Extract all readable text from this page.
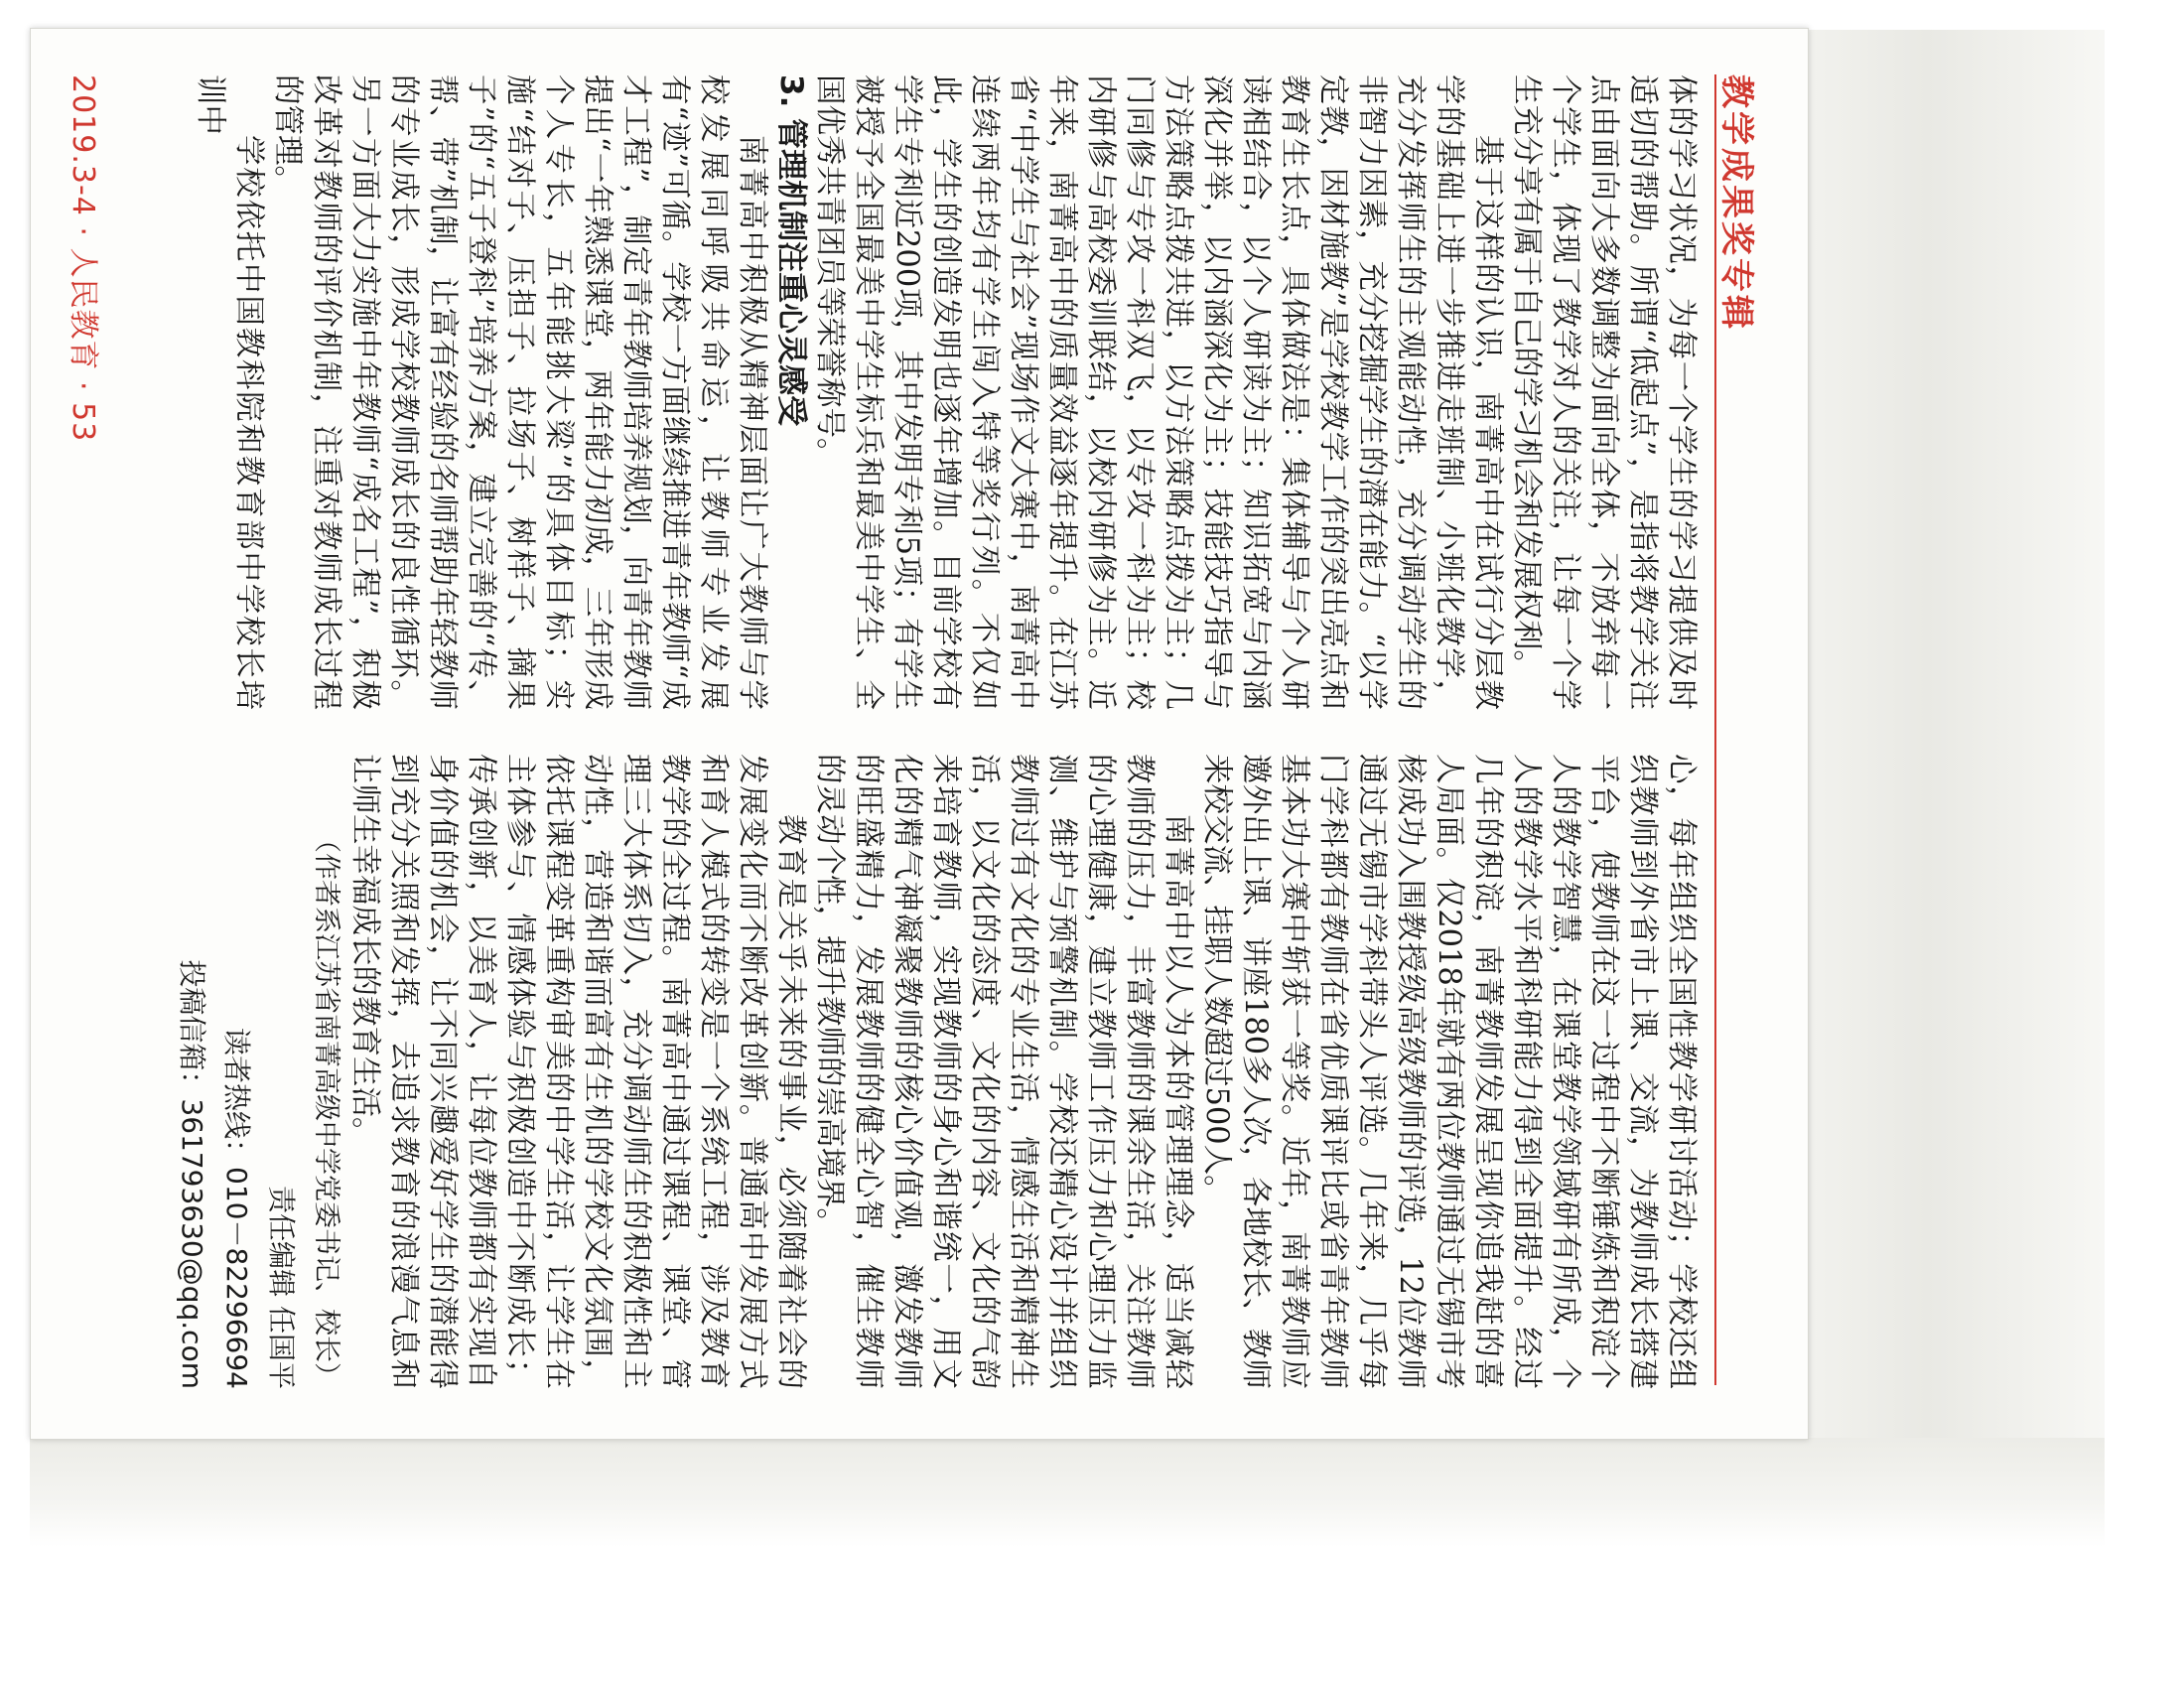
教学成果奖专辑

体的学习状况，为每一个学生的学习提供及时适切的帮助。所谓“低起点”，是指将教学关注点由面向大多数调整为面向全体，不放弃每一个学生，体现了教学对人的关注，让每一个学生充分享有属于自己的学习机会和发展权利。

基于这样的认识，南菁高中在试行分层教学的基础上进一步推进走班制、小班化教学，充分发挥师生的主观能动性，充分调动学生的非智力因素，充分挖掘学生的潜在能力。“以学定教，因材施教”是学校教学工作的突出亮点和教育生长点，具体做法是：集体辅导与个人研读相结合，以个人研读为主；知识拓宽与内涵深化并举，以内涵深化为主；技能技巧指导与方法策略点拨共进，以方法策略点拨为主；几门同修与专攻一科双飞，以专攻一科为主；校内研修与高校委训联结，以校内研修为主。近年来，南菁高中的质量效益逐年提升。在江苏省“中学生与社会”现场作文大赛中，南菁高中连续两年均有学生闯入特等奖行列。不仅如此，学生的创造发明也逐年增加。目前学校有学生专利近200项，其中发明专利5项；有学生被授予全国最美中学生标兵和最美中学生、全国优秀共青团员等荣誉称号。

3. 管理机制注重心灵感受

南菁高中积极从精神层面让广大教师与学校发展同呼吸共命运，让教师专业发展有“迹”可循。学校一方面继续推进青年教师“成才工程”，制定青年教师培养规划，向青年教师提出“一年熟悉课堂，两年能力初成，三年形成个人专长，五年能挑大梁”的具体目标；实施“结对子、压担子、拉场子、树样子、摘果子”的“五子登科”培养方案，建立完善的“传、帮、带”机制，让富有经验的名师帮助年轻教师的专业成长，形成学校教师成长的良性循环。另一方面大力实施中年教师“成名工程”，积极改革对教师的评价机制，注重对教师成长过程的管理。

学校依托中国教科院和教育部中学校长培训中

心，每年组织全国性教学研讨活动；学校还组织教师到外省市上课、交流，为教师成长搭建平台，使教师在这一过程中不断锤炼和积淀个人的教学智慧，在课堂教学领域研有所成，个人的教学水平和科研能力得到全面提升。经过几年的积淀，南菁教师发展呈现你追我赶的喜人局面。仅2018年就有两位教师通过无锡市考核成功入围教授级高级教师的评选，12位教师通过无锡市学科带头人评选。几年来，几乎每门学科都有教师在省优质课评比或省青年教师基本功大赛中斩获一等奖。近年，南菁教师应邀外出上课、讲座180多人次，各地校长、教师来校交流、挂职人数超过500人。

南菁高中以人为本的管理理念，适当减轻教师的压力，丰富教师的课余生活，关注教师的心理健康，建立教师工作压力和心理压力监测、维护与预警机制。学校还精心设计并组织教师过有文化的专业生活，情感生活和精神生活，以文化的态度、文化的内容、文化的气韵来培育教师，实现教师的身心和谐统一，用文化的精气神凝聚教师的核心价值观，激发教师的旺盛精力，发展教师的健全心智，催生教师的灵动个性，提升教师的崇高境界。

教育是关乎未来的事业，必须随着社会的发展变化而不断改革创新。普通高中发展方式和育人模式的转变是一个系统工程，涉及教育教学的全过程。南菁高中通过课程、课堂、管理三大体系切入，充分调动师生的积极性和主动性，营造和谐而富有生机的学校文化氛围，依托课程变革重构审美的中学生活，让学生在主体参与、情感体验与积极创造中不断成长；传承创新，以美育人，让每位教师都有实现自身价值的机会，让不同兴趣爱好学生的潜能得到充分关照和发挥，去追求教育的浪漫气息和让师生幸福成长的教育生活。

（作者系江苏省南菁高级中学党委书记、校长）

责任编辑 任国平

读者热线：010－82296694

投稿信箱：361793630@qq.com

2019.3-4 · 人民教育 · 53
